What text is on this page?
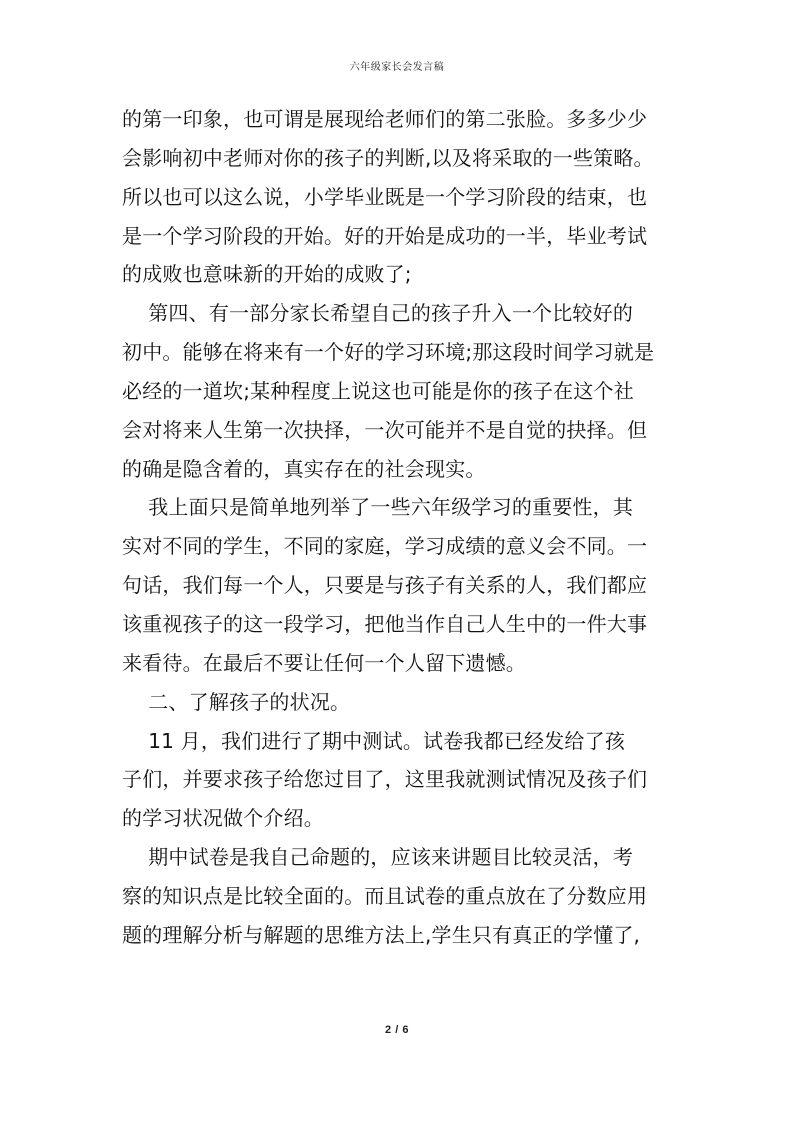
六年级家长会发言稿
的第一印象，也可谓是展现给老师们的第二张脸。多多少少
会影响初中老师对你的孩子的判断,以及将采取的一些策略。
所以也可以这么说，小学毕业既是一个学习阶段的结束，也
是一个学习阶段的开始。好的开始是成功的一半，毕业考试
的成败也意味新的开始的成败了;
第四、有一部分家长希望自己的孩子升入一个比较好的
初中。能够在将来有一个好的学习环境;那这段时间学习就是
必经的一道坎;某种程度上说这也可能是你的孩子在这个社
会对将来人生第一次抉择，一次可能并不是自觉的抉择。但
的确是隐含着的，真实存在的社会现实。
我上面只是简单地列举了一些六年级学习的重要性，其
实对不同的学生，不同的家庭，学习成绩的意义会不同。一
句话，我们每一个人，只要是与孩子有关系的人，我们都应
该重视孩子的这一段学习，把他当作自己人生中的一件大事
来看待。在最后不要让任何一个人留下遗憾。
二、了解孩子的状况。
11 月，我们进行了期中测试。试卷我都已经发给了孩
子们，并要求孩子给您过目了，这里我就测试情况及孩子们
的学习状况做个介绍。
期中试卷是我自己命题的，应该来讲题目比较灵活，考
察的知识点是比较全面的。而且试卷的重点放在了分数应用
题的理解分析与解题的思维方法上,学生只有真正的学懂了,
2 / 6
